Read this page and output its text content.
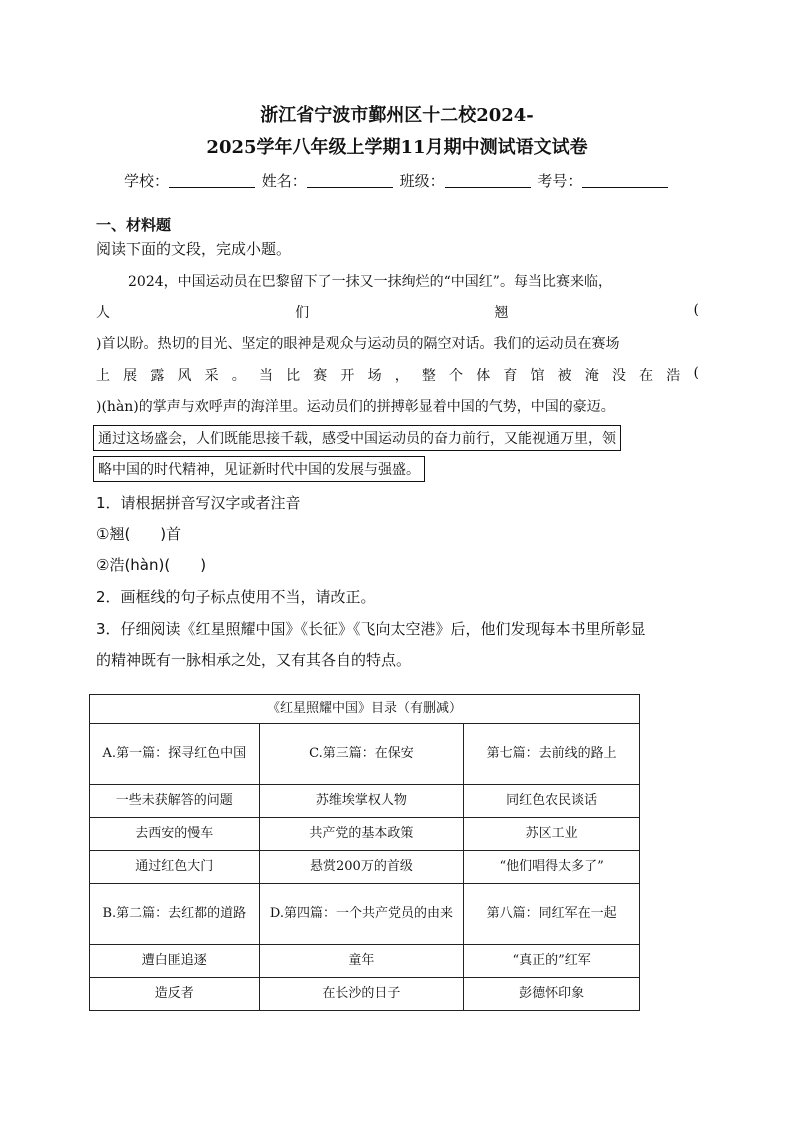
浙江省宁波市鄞州区十二校2024-
2025学年八年级上学期11月期中测试语文试卷
学校：	姓名：	班级：	考号：
一、材料题
阅读下面的文段，完成小题。
2024，中国运动员在巴黎留下了一抹又一抹绚烂的“中国红”。每当比赛来临，
人	们	翘	(
)首以盼。热切的目光、坚定的眼神是观众与运动员的隔空对话。我们的运动员在赛场
上 展 露 风 采 。 当 比 赛 开 场 ， 整 个 体 育 馆 被 淹 没 在 浩 (
)(hàn)的掌声与欢呼声的海洋里。运动员们的拼搏彰显着中国的气势，中国的豪迈。
通过这场盛会，人们既能思接千载，感受中国运动员的奋力前行，又能视通万里，领
略中国的时代精神，见证新时代中国的发展与强盛。
1．请根据拼音写汉字或者注音
①翘(　　)首
②浩(hàn)(　　)
2．画框线的句子标点使用不当，请改正。
3．仔细阅读《红星照耀中国》《长征》《飞向太空港》后，他们发现每本书里所彰显
的精神既有一脉相承之处，又有其各自的特点。
《红星照耀中国》目录（有删减）		
A.第一篇：探寻红色中国	C.第三篇：在保安	第七篇：去前线的路上
一些未获解答的问题	苏维埃掌权人物	同红色农民谈话
去西安的慢车	共产党的基本政策	苏区工业
通过红色大门	悬赏200万的首级	“他们唱得太多了”
B.第二篇：去红都的道路	D.第四篇：一个共产党员的由来	第八篇：同红军在一起
遭白匪追逐	童年	“真正的”红军
造反者	在长沙的日子	彭德怀印象
